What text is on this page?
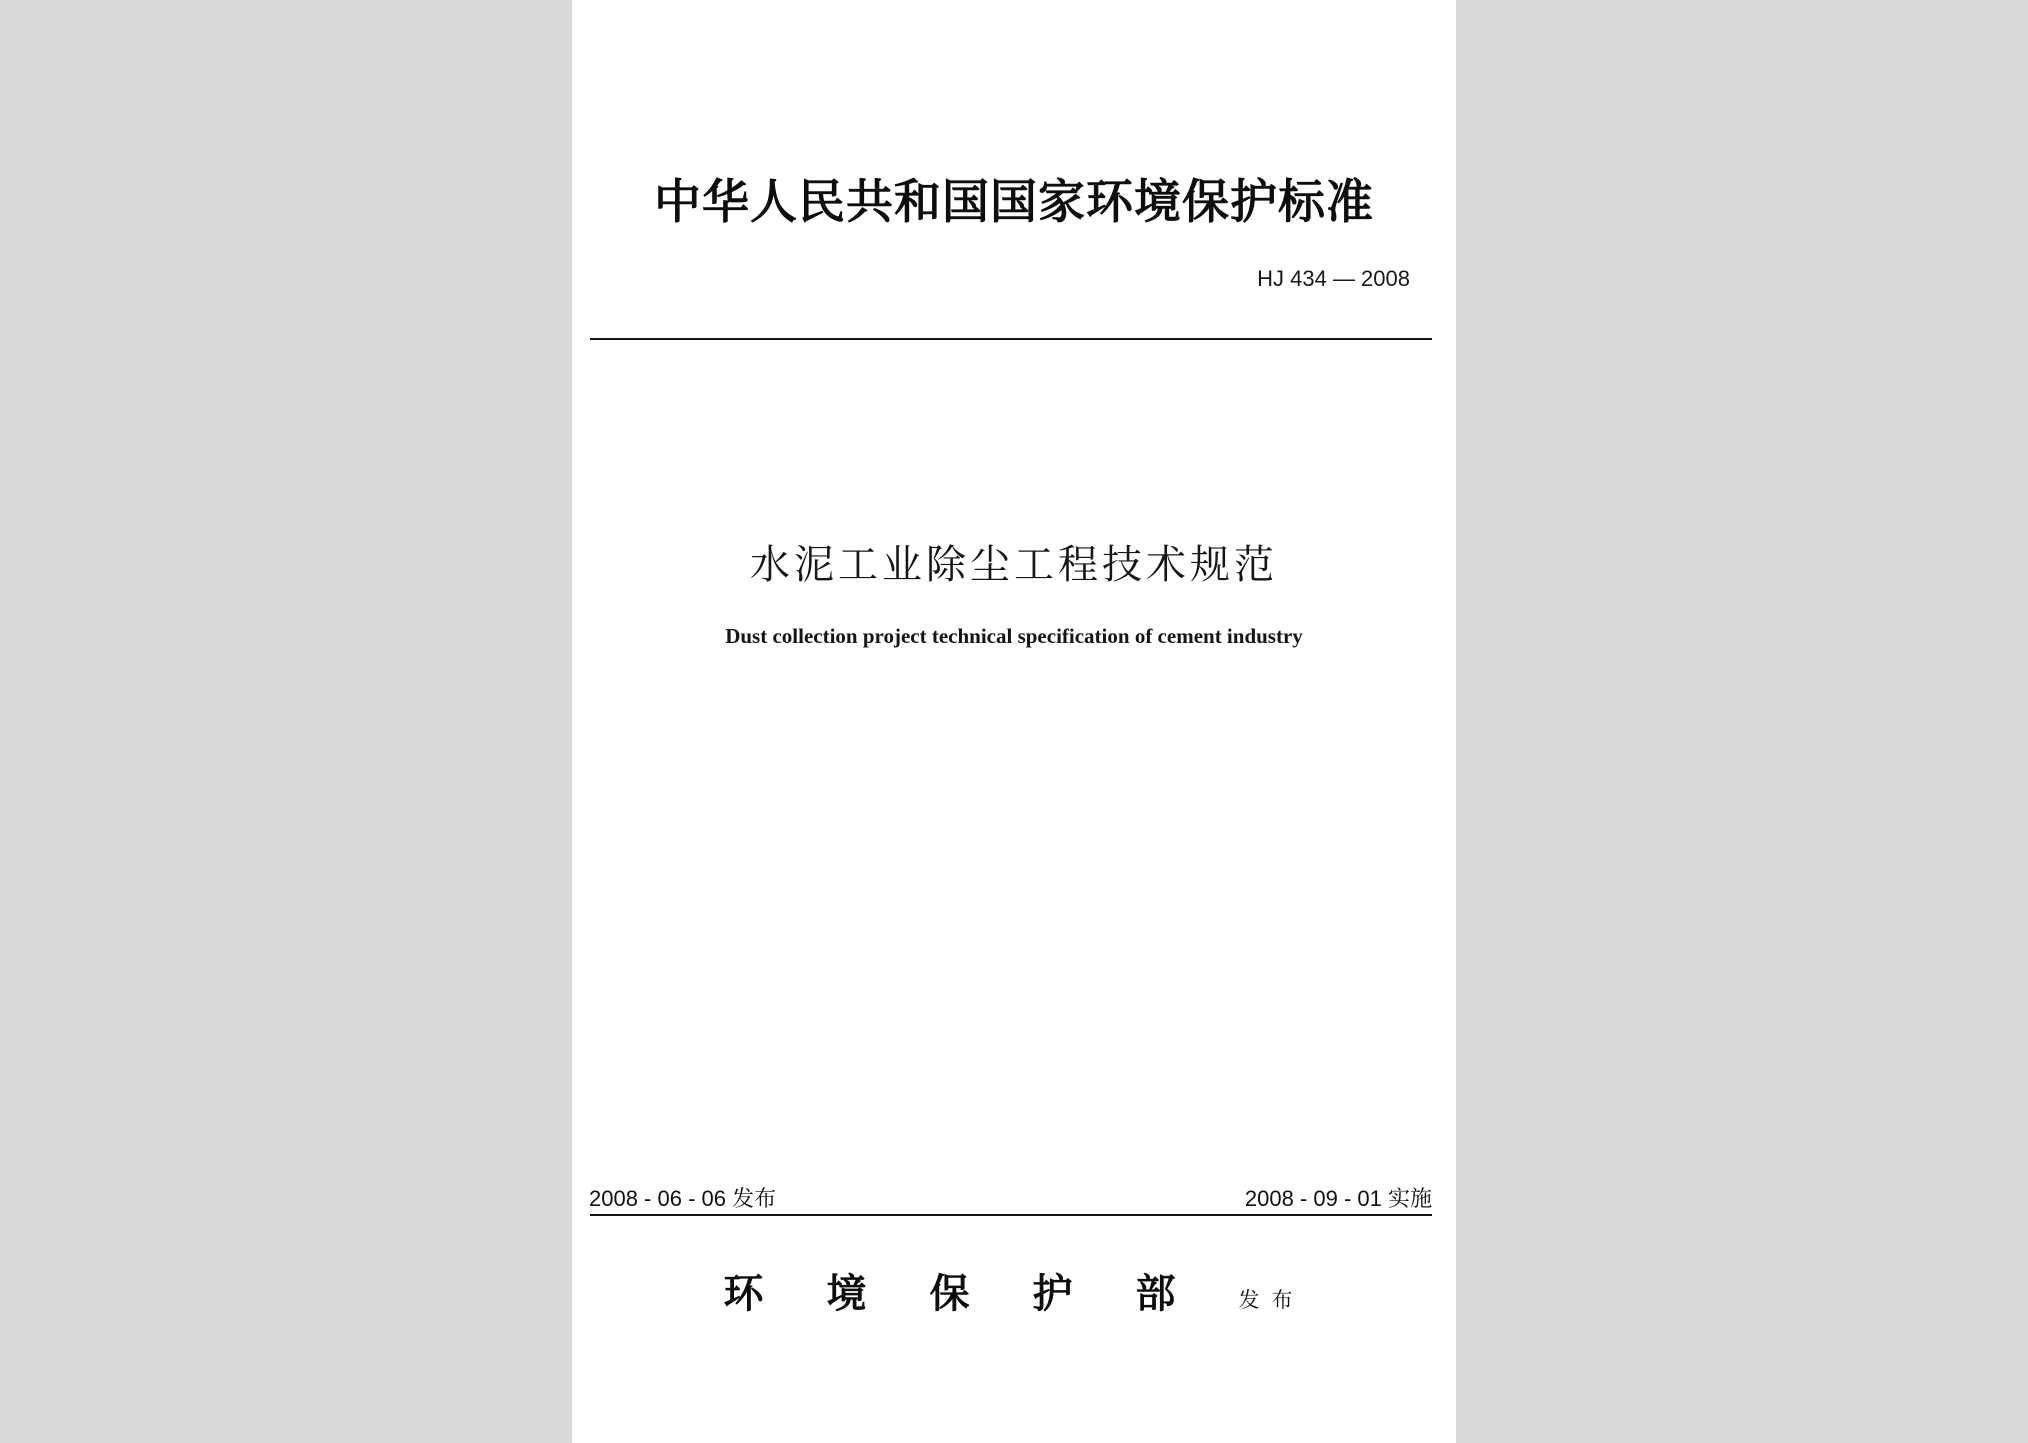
中华人民共和国国家环境保护标准
HJ 434 — 2008
水泥工业除尘工程技术规范
Dust collection project technical specification of cement industry
2008 - 06 - 06 发布	2008 - 09 - 01 实施
环境保护部发布
